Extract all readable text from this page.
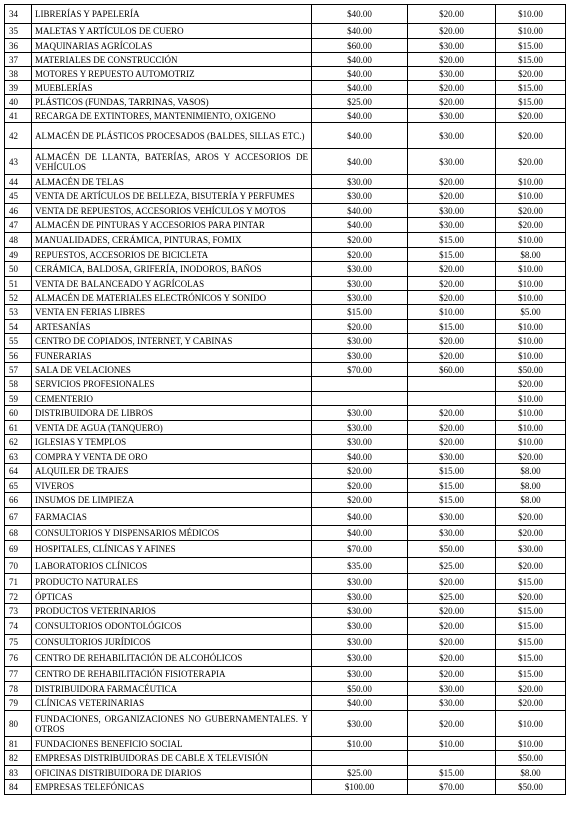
34	LIBRERÍAS Y PAPELERÍA	$40.00	$20.00	$10.00
35	MALETAS Y ARTÍCULOS DE CUERO	$40.00	$20.00	$10.00
36	MAQUINARIAS AGRÍCOLAS	$60.00	$30.00	$15.00
37	MATERIALES DE CONSTRUCCIÓN	$40.00	$20.00	$15.00
38	MOTORES Y REPUESTO AUTOMOTRIZ	$40.00	$30.00	$20.00
39	MUEBLERÍAS	$40.00	$20.00	$15.00
40	PLÁSTICOS (FUNDAS, TARRINAS, VASOS)	$25.00	$20.00	$15.00
41	RECARGA DE EXTINTORES, MANTENIMIENTO, OXIGENO	$40.00	$30.00	$20.00
42	ALMACÉN DE PLÁSTICOS PROCESADOS (BALDES, SILLAS ETC.)	$40.00	$30.00	$20.00
43	ALMACÉN DE LLANTA, BATERÍAS, AROS Y ACCESORIOS DE VEHÍCULOS	$40.00	$30.00	$20.00
44	ALMACÉN DE TELAS	$30.00	$20.00	$10.00
45	VENTA DE ARTÍCULOS DE BELLEZA, BISUTERÍA Y PERFUMES	$30.00	$20.00	$10.00
46	VENTA DE REPUESTOS, ACCESORIOS VEHÍCULOS Y MOTOS	$40.00	$30.00	$20.00
47	ALMACÉN DE PINTURAS Y ACCESORIOS PARA PINTAR	$40.00	$30.00	$20.00
48	MANUALIDADES, CERÁMICA, PINTURAS, FOMIX	$20.00	$15.00	$10.00
49	REPUESTOS, ACCESORIOS DE BICICLETA	$20.00	$15.00	$8.00
50	CERÁMICA, BALDOSA, GRIFERÍA, INODOROS, BAÑOS	$30.00	$20.00	$10.00
51	VENTA DE BALANCEADO Y AGRÍCOLAS	$30.00	$20.00	$10.00
52	ALMACÉN DE MATERIALES ELECTRÓNICOS Y SONIDO	$30.00	$20.00	$10.00
53	VENTA EN FERIAS LIBRES	$15.00	$10.00	$5.00
54	ARTESANÍAS	$20.00	$15.00	$10.00
55	CENTRO DE COPIADOS, INTERNET, Y CABINAS	$30.00	$20.00	$10.00
56	FUNERARIAS	$30.00	$20.00	$10.00
57	SALA DE VELACIONES	$70.00	$60.00	$50.00
58	SERVICIOS PROFESIONALES			$20.00
59	CEMENTERIO			$10.00
60	DISTRIBUIDORA DE LIBROS	$30.00	$20.00	$10.00
61	VENTA DE AGUA (TANQUERO)	$30.00	$20.00	$10.00
62	IGLESIAS Y TEMPLOS	$30.00	$20.00	$10.00
63	COMPRA Y VENTA DE ORO	$40.00	$30.00	$20.00
64	ALQUILER DE TRAJES	$20.00	$15.00	$8.00
65	VIVEROS	$20.00	$15.00	$8.00
66	INSUMOS DE LIMPIEZA	$20.00	$15.00	$8.00
67	FARMACIAS	$40.00	$30.00	$20.00
68	CONSULTORIOS Y DISPENSARIOS MÉDICOS	$40.00	$30.00	$20.00
69	HOSPITALES, CLÍNICAS Y AFINES	$70.00	$50.00	$30.00
70	LABORATORIOS CLÍNICOS	$35.00	$25.00	$20.00
71	PRODUCTO NATURALES	$30.00	$20.00	$15.00
72	ÓPTICAS	$30.00	$25.00	$20.00
73	PRODUCTOS VETERINARIOS	$30.00	$20.00	$15.00
74	CONSULTORIOS ODONTOLÓGICOS	$30.00	$20.00	$15.00
75	CONSULTORIOS JURÍDICOS	$30.00	$20.00	$15.00
76	CENTRO DE REHABILITACIÓN DE ALCOHÓLICOS	$30.00	$20.00	$15.00
77	CENTRO DE REHABILITACIÓN FISIOTERAPIA	$30.00	$20.00	$15.00
78	DISTRIBUIDORA FARMACÉUTICA	$50.00	$30.00	$20.00
79	CLÍNICAS VETERINARIAS	$40.00	$30.00	$20.00
80	FUNDACIONES, ORGANIZACIONES NO GUBERNAMENTALES. Y OTROS	$30.00	$20.00	$10.00
81	FUNDACIONES BENEFICIO SOCIAL	$10.00	$10.00	$10.00
82	EMPRESAS DISTRIBUIDORAS DE CABLE X TELEVISIÓN			$50.00
83	OFICINAS DISTRIBUIDORA DE DIARIOS	$25.00	$15.00	$8.00
84	EMPRESAS TELEFÓNICAS	$100.00	$70.00	$50.00
